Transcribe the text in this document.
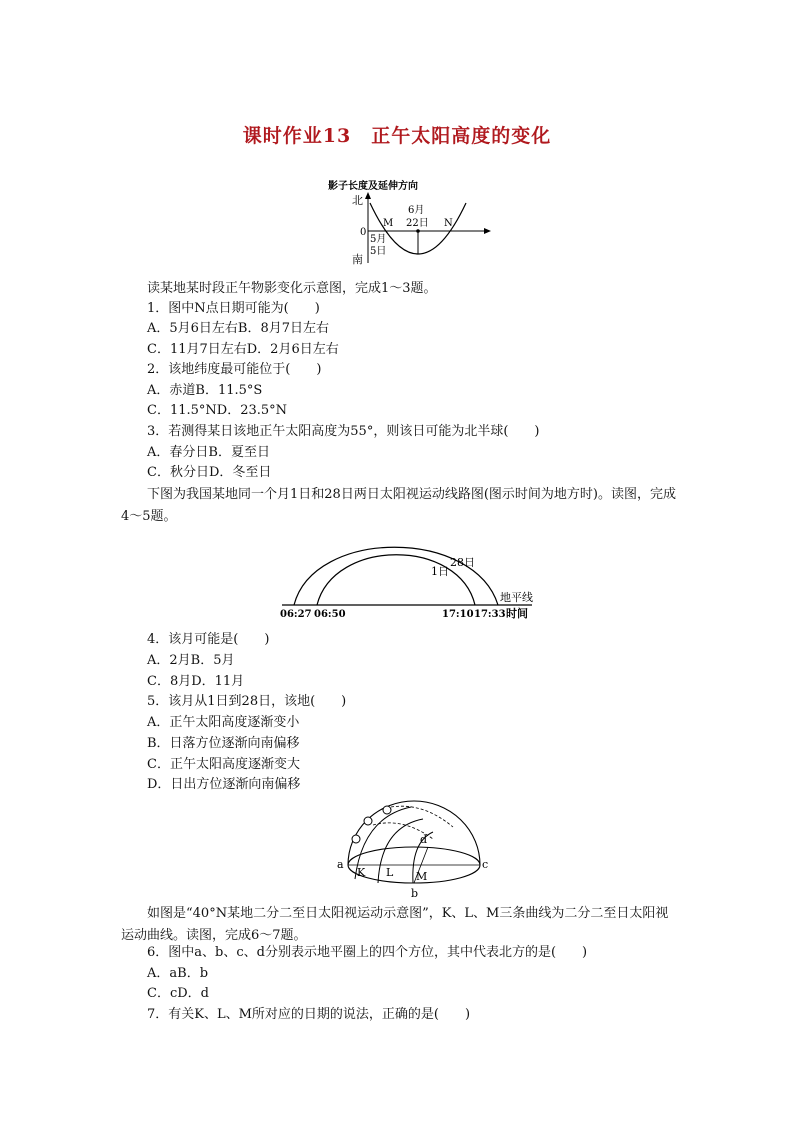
课时作业13　正午太阳高度的变化
影子长度及延伸方向
北
南
0
M	N
6月
22日
5月
5日
读某地某时段正午物影变化示意图，完成1～3题。
1．图中N点日期可能为(　　)
A．5月6日左右B．8月7日左右
C．11月7日左右D．2月6日左右
2．该地纬度最可能位于(　　)
A．赤道B．11.5°S
C．11.5°ND．23.5°N
3．若测得某日该地正午太阳高度为55°，则该日可能为北半球(　　)
A．春分日B．夏至日
C．秋分日D．冬至日
下图为我国某地同一个月1日和28日两日太阳视运动线路图(图示时间为地方时)。读图，完成4～5题。
28日
1日
地平线
06:27 06:50	17:10 17:33 时间
4．该月可能是(　　)
A．2月B．5月
C．8月D．11月
5．该月从1日到28日，该地(　　)
A．正午太阳高度逐渐变小
B．日落方位逐渐向南偏移
C．正午太阳高度逐渐变大
D．日出方位逐渐向南偏移
a
b
c
d
K L M
如图是“40°N某地二分二至日太阳视运动示意图”，K、L、M三条曲线为二分二至日太阳视运动曲线。读图，完成6～7题。
6．图中a、b、c、d分别表示地平圈上的四个方位，其中代表北方的是(　　)
A．aB．b
C．cD．d
7．有关K、L、M所对应的日期的说法，正确的是(　　)
